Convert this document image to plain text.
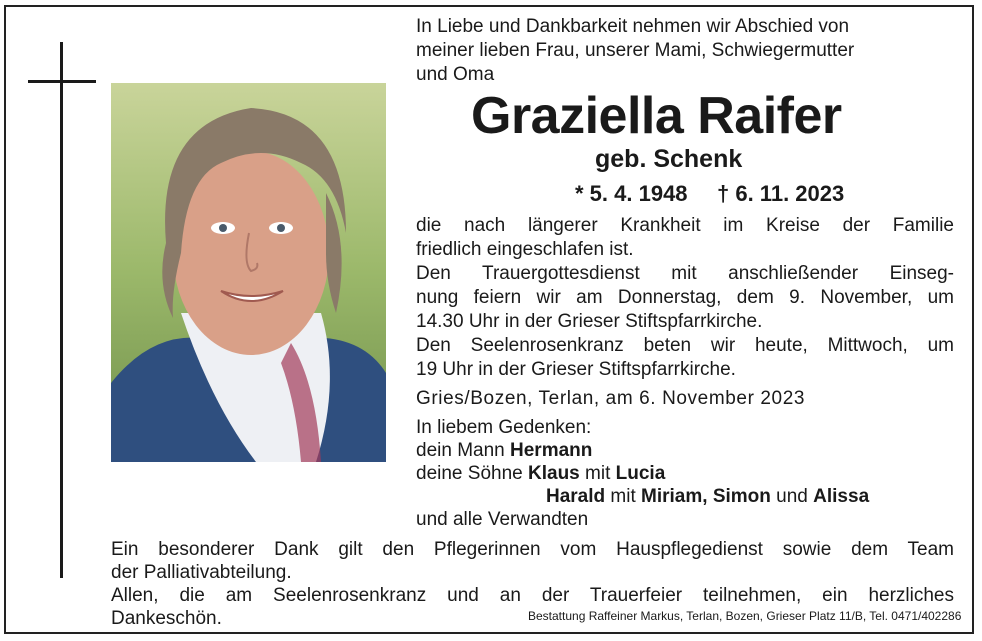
In Liebe und Dankbarkeit nehmen wir Abschied von
meiner lieben Frau, unserer Mami, Schwiegermutter
und Oma
Graziella Raifer
geb. Schenk
* 5. 4. 1948 † 6. 11. 2023
die nach längerer Krankheit im Kreise der Familie
friedlich eingeschlafen ist.
Den Trauergottesdienst mit anschließender Einseg-
nung feiern wir am Donnerstag, dem 9. November, um
14.30 Uhr in der Grieser Stiftspfarrkirche.
Den Seelenrosenkranz beten wir heute, Mittwoch, um
19 Uhr in der Grieser Stiftspfarrkirche.
Gries/Bozen, Terlan, am 6. November 2023
In liebem Gedenken:
dein Mann Hermann
deine Söhne Klaus mit Lucia
Harald mit Miriam, Simon und Alissa
und alle Verwandten
Ein besonderer Dank gilt den Pflegerinnen vom Hauspflegedienst sowie dem Team
der Palliativabteilung.
Allen, die am Seelenrosenkranz und an der Trauerfeier teilnehmen, ein herzliches
Dankeschön.	Bestattung Raffeiner Markus, Terlan, Bozen, Grieser Platz 11/B, Tel. 0471/402286
